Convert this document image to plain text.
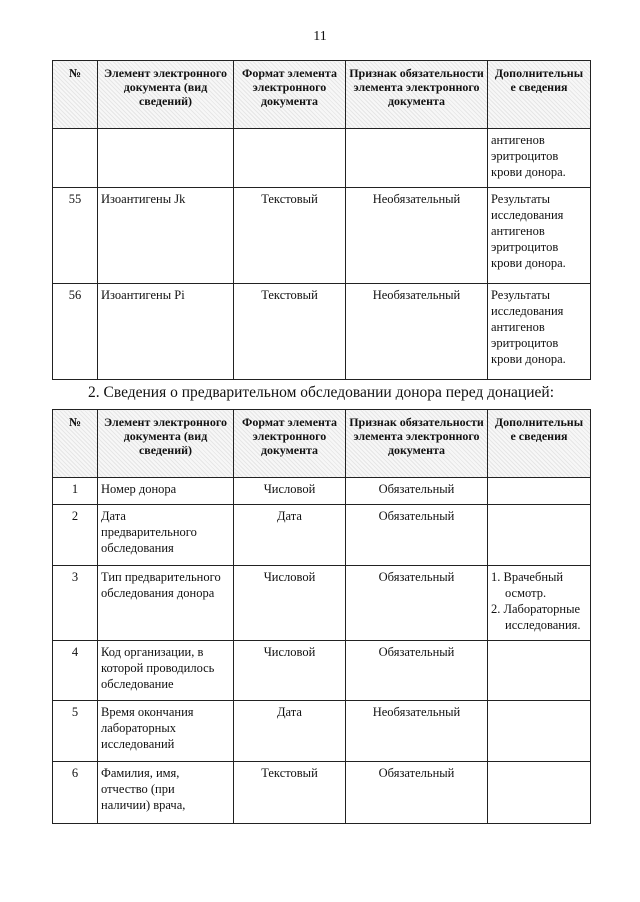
11
№	Элемент электронного документа (вид сведений)	Формат элемента электронного документа	Признак обязательности элемента электронного документа	Дополнительны
е сведения

				антигенов
эритроцитов
крови донора.

55	Изоантигены Jk	Текстовый	Необязательный	Результаты
исследования
антигенов
эритроцитов
крови донора.

56	Изоантигены Pi	Текстовый	Необязательный	Результаты
исследования
антигенов
эритроцитов
крови донора.
2. Сведения о предварительном обследовании донора перед донацией:
№	Элемент электронного документа (вид сведений)	Формат элемента электронного документа	Признак обязательности элемента электронного документа	Дополнительны
е сведения

1	Номер донора	Числовой	Обязательный	
2	Дата
предварительного
обследования	Дата	Обязательный	
3	Тип предварительного
обследования донора	Числовой	Обязательный	1. Врачебный
осмотр.
2. Лабораторные
исследования.

4	Код организации, в
которой проводилось
обследование	Числовой	Обязательный	
5	Время окончания
лабораторных
исследований	Дата	Необязательный	
6	Фамилия, имя,
отчество (при
наличии) врача,	Текстовый	Обязательный	
